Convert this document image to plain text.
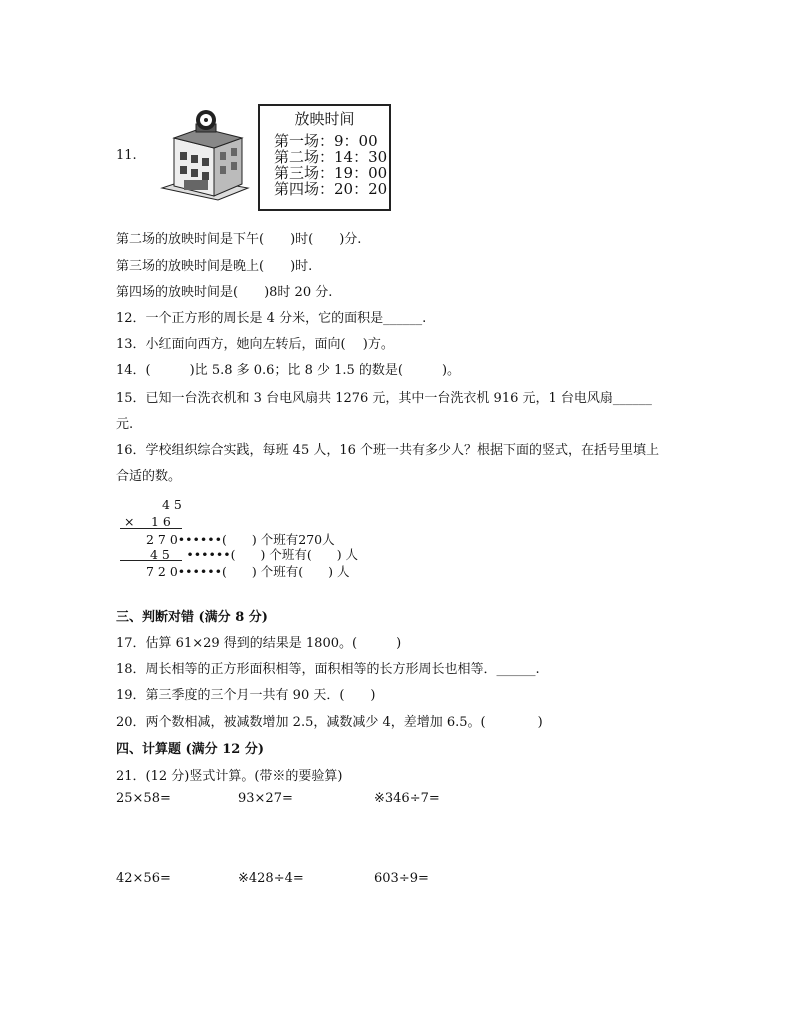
11.
放映时间
第一场：9：00
第二场：14：30
第三场：19：00
第四场：20：20
第二场的放映时间是下午(　　)时(　　)分.
第三场的放映时间是晚上(　　)时.
第四场的放映时间是(　　)8时 20 分.
12．一个正方形的周长是 4 分米，它的面积是______.
13．小红面向西方，她向左转后，面向(　 )方。
14．(　　　)比 5.8 多 0.6；比 8 少 1.5 的数是(　　　)。
15．已知一台洗衣机和 3 台电风扇共 1276 元，其中一台洗衣机 916 元，1 台电风扇______
元.
16．学校组织综合实践，每班 45 人，16 个班一共有多少人？根据下面的竖式，在括号里填上
合适的数。
4 5
×　 1 6
2 7 0••••••(　　) 个班有270人
4 5 　••••••(　　) 个班有(　　) 人
7 2 0••••••(　　) 个班有(　　) 人
三、判断对错 (满分 8 分)
17．估算 61×29 得到的结果是 1800。(　　　)
18．周长相等的正方形面积相等，面积相等的长方形周长也相等．______.
19．第三季度的三个月一共有 90 天．(　　)
20．两个数相减，被减数增加 2.5，减数减少 4，差增加 6.5。(　　　　)
四、计算题 (满分 12 分)
21．(12 分)竖式计算。(带※的要验算)
25×58=	93×27=	※346÷7=
42×56=	※428÷4=	603÷9=
